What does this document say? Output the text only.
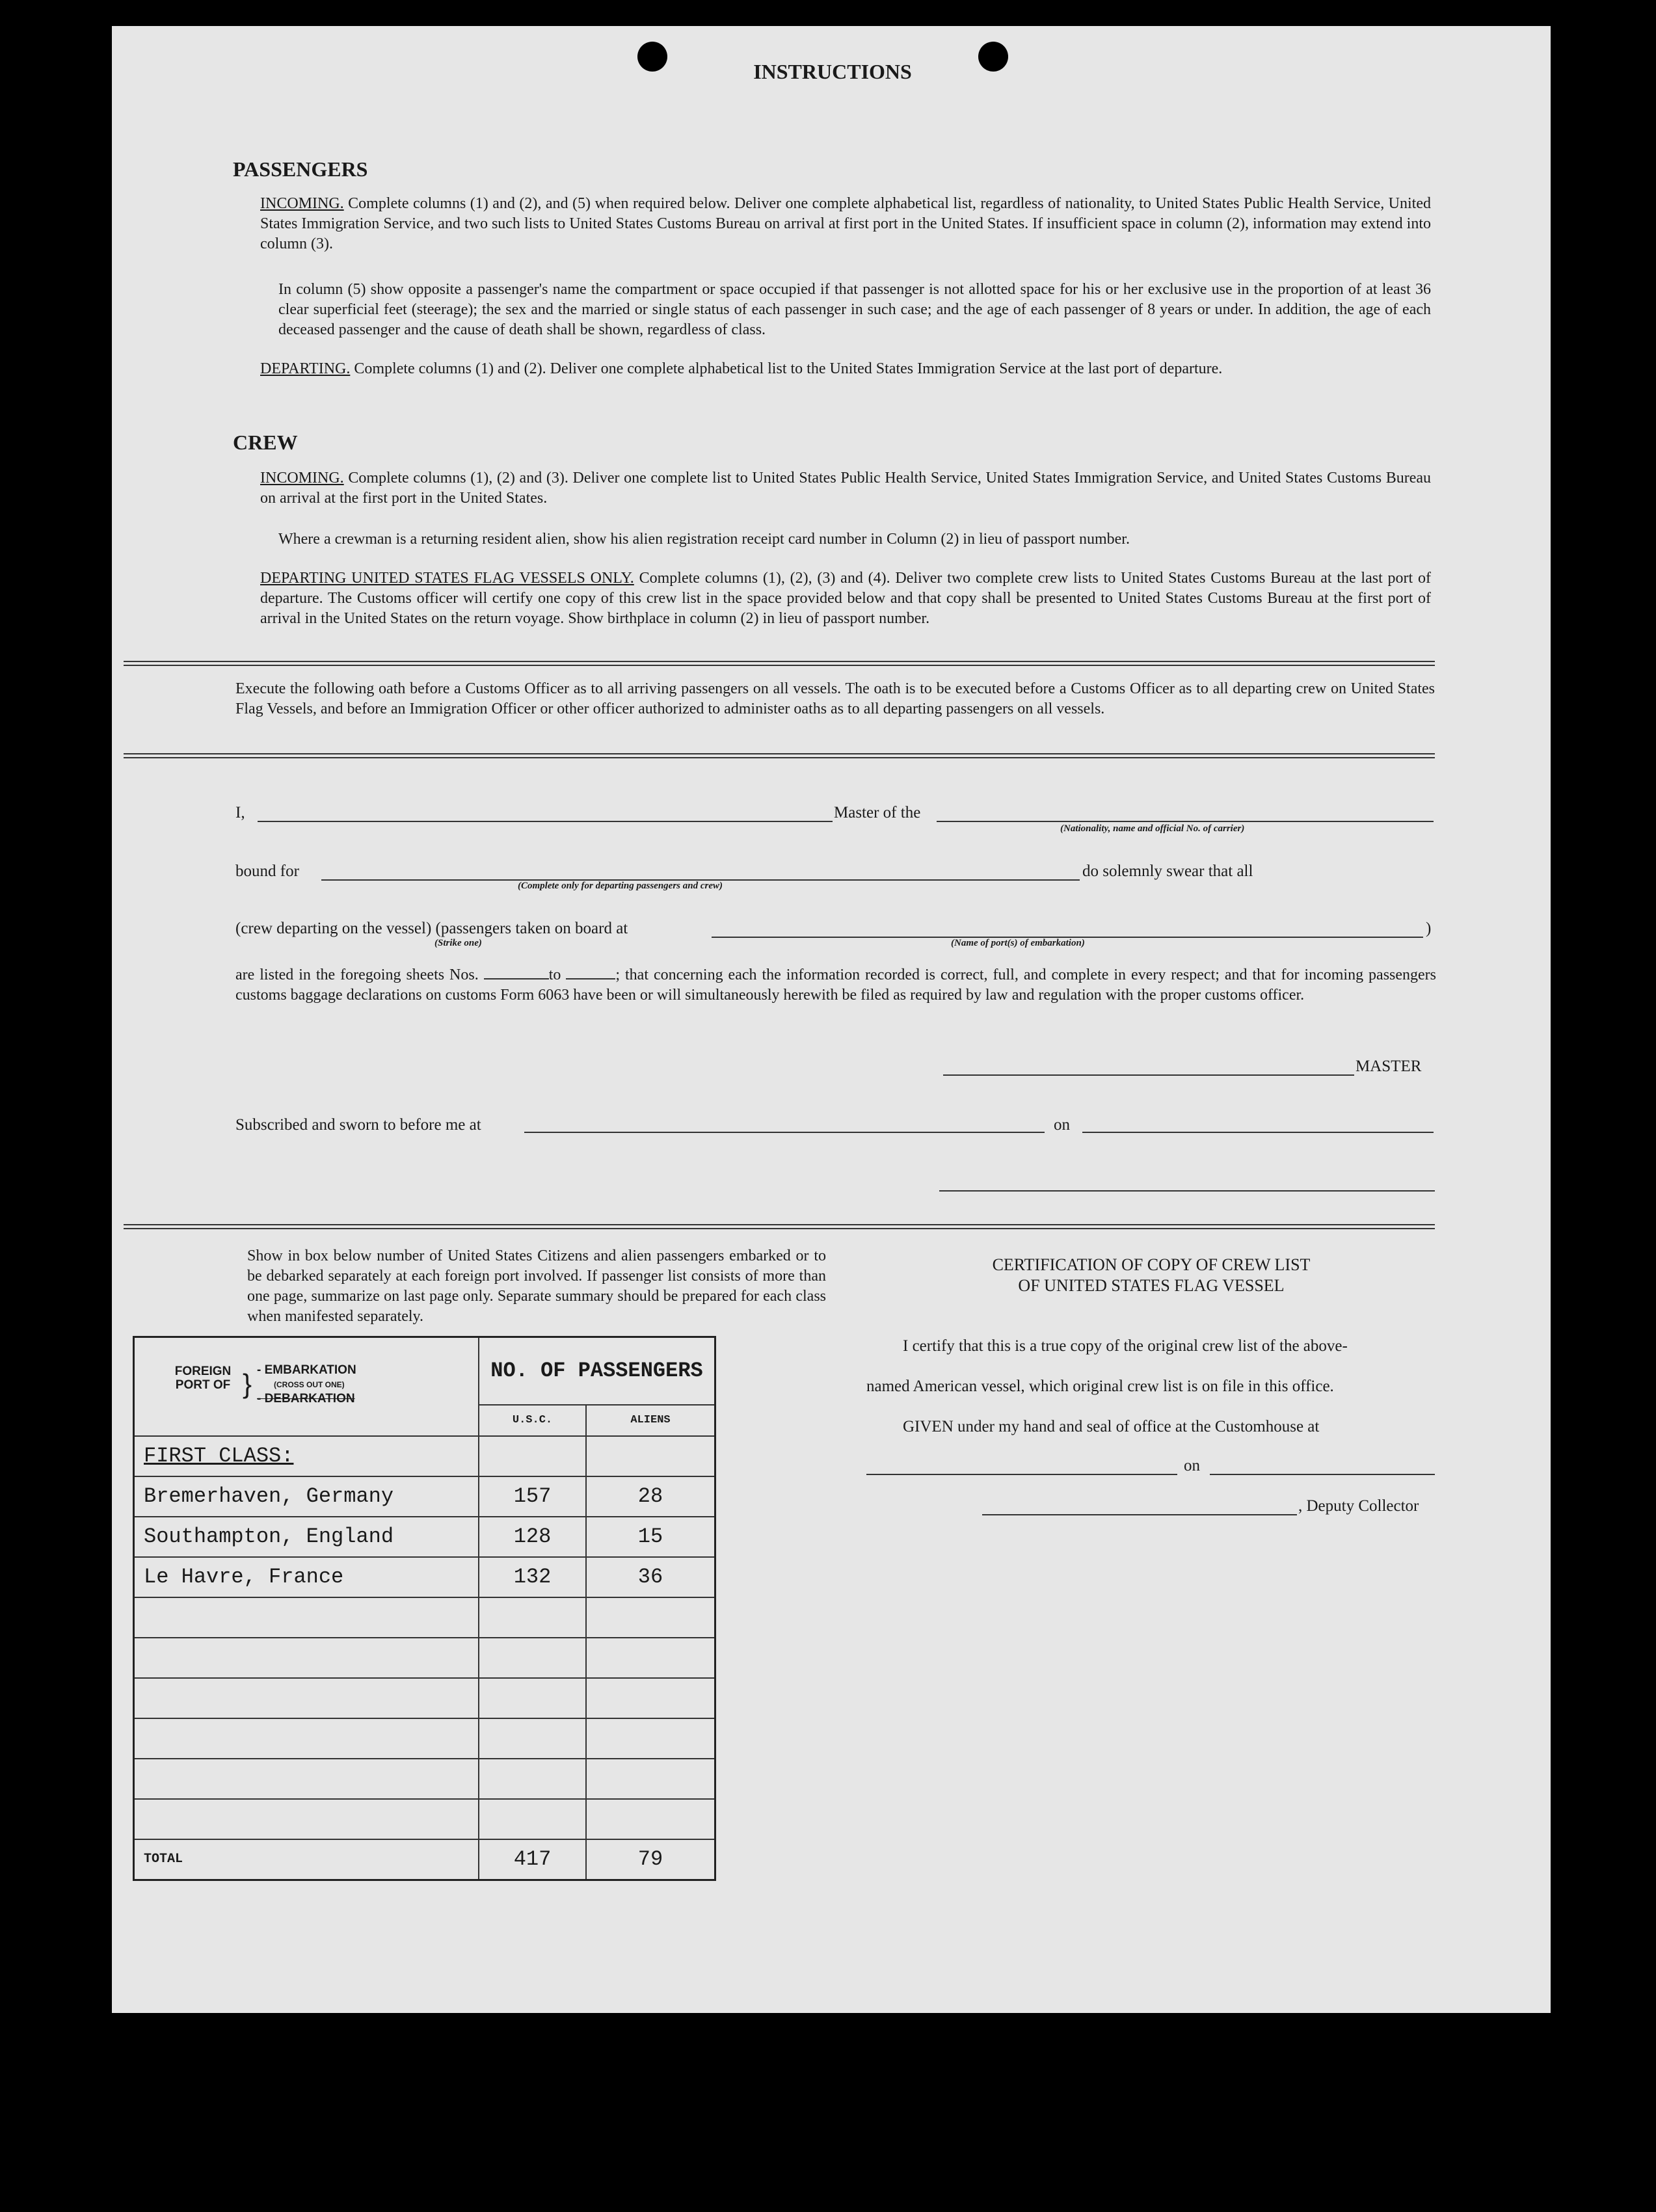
INSTRUCTIONS
PASSENGERS
INCOMING. Complete columns (1) and (2), and (5) when required below. Deliver one complete alphabetical list, regardless of nationality, to United States Public Health Service, United States Immigration Service, and two such lists to United States Customs Bureau on arrival at first port in the United States. If insufficient space in column (2), information may extend into column (3).
In column (5) show opposite a passenger's name the compartment or space occupied if that passenger is not allotted space for his or her exclusive use in the proportion of at least 36 clear superficial feet (steerage); the sex and the married or single status of each passenger in such case; and the age of each passenger of 8 years or under. In addition, the age of each deceased passenger and the cause of death shall be shown, regardless of class.
DEPARTING. Complete columns (1) and (2). Deliver one complete alphabetical list to the United States Immigration Service at the last port of departure.
CREW
INCOMING. Complete columns (1), (2) and (3). Deliver one complete list to United States Public Health Service, United States Immigration Service, and United States Customs Bureau on arrival at the first port in the United States.
Where a crewman is a returning resident alien, show his alien registration receipt card number in Column (2) in lieu of passport number.
DEPARTING UNITED STATES FLAG VESSELS ONLY. Complete columns (1), (2), (3) and (4). Deliver two complete crew lists to United States Customs Bureau at the last port of departure. The Customs officer will certify one copy of this crew list in the space provided below and that copy shall be presented to United States Customs Bureau at the first port of arrival in the United States on the return voyage. Show birthplace in column (2) in lieu of passport number.
Execute the following oath before a Customs Officer as to all arriving passengers on all vessels. The oath is to be executed before a Customs Officer as to all departing crew on United States Flag Vessels, and before an Immigration Officer or other officer authorized to administer oaths as to all departing passengers on all vessels.
I,	Master of the
(Nationality, name and official No. of carrier)
bound for
(Complete only for departing passengers and crew)
do solemnly swear that all
(crew departing on the vessel) (passengers taken on board at
(Strike one)	(Name of port(s) of embarkation)
)
are listed in the foregoing sheets Nos.	to	; that concerning each the information recorded is correct, full, and complete in every respect; and that for incoming passengers customs baggage declarations on customs Form 6063 have been or will simultaneously herewith be filed as required by law and regulation with the proper customs officer.
MASTER
Subscribed and sworn to before me at	on
Show in box below number of United States Citizens and alien passengers embarked or to be debarked separately at each foreign port involved. If passenger list consists of more than one page, summarize on last page only. Separate summary should be prepared for each class when manifested separately.
FOREIGN PORT OF } - EMBARKATION
(CROSS OUT ONE)
- DEBARKATION	NO. OF PASSENGERS	
	U.S.C.	ALIENS
FIRST CLASS:		
Bremerhaven, Germany	157	28
Southampton, England	128	15
Le Havre, France	132	36

TOTAL	417	79
CERTIFICATION OF COPY OF CREW LIST
OF UNITED STATES FLAG VESSEL
I certify that this is a true copy of the original crew list of the above-
named American vessel, which original crew list is on file in this office.
GIVEN under my hand and seal of office at the Customhouse at
on
, Deputy Collector
